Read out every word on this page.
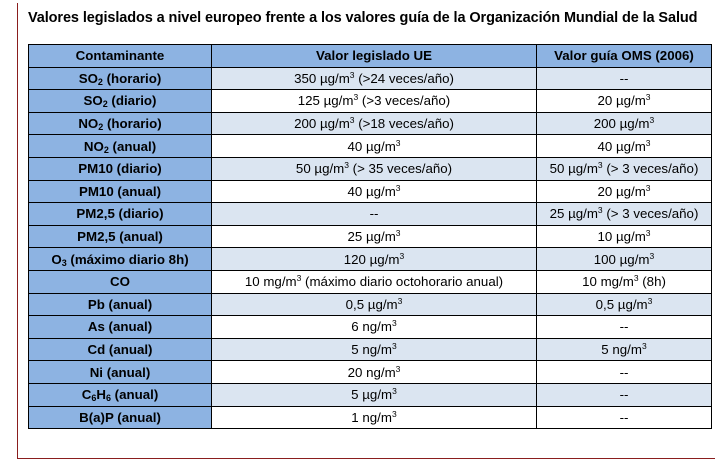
Valores legislados a nivel europeo frente a los valores guía de la Organización Mundial de la Salud
Contaminante	Valor legislado UE	Valor guía OMS (2006)
$SO_2$ (horario)	350 $\mu g/m^3$ (>24 veces/año)	--
$SO_2$ (diario)	125 $\mu g/m^3$ (>3 veces/año)	20 $\mu g/m^3$
$NO_2$ (horario)	200 $\mu g/m^3$ (>18 veces/año)	200 $\mu g/m^3$
$NO_2$ (anual)	40 $\mu g/m^3$	40 $\mu g/m^3$
PM10 (diario)	50 $\mu g/m^3$ (> 35 veces/año)	50 $\mu g/m^3$ (> 3 veces/año)
PM10 (anual)	40 $\mu g/m^3$	20 $\mu g/m^3$
PM2,5 (diario)	--	25 $\mu g/m^3$ (> 3 veces/año)
PM2,5 (anual)	25 $\mu g/m^3$	10 $\mu g/m^3$
$O_3$ (máximo diario 8h)	120 $\mu g/m^3$	100 $\mu g/m^3$
CO	10 $mg/m^3$ (máximo diario octohorario anual)	10 $mg/m^3$ (8h)
Pb (anual)	0,5 $\mu g/m^3$	0,5 $\mu g/m^3$
As (anual)	6 $ng/m^3$	--
Cd (anual)	5 $ng/m^3$	5 $ng/m^3$
Ni (anual)	20 $ng/m^3$	--
$C_6H_6$ (anual)	5 $\mu g/m^3$	--
B(a)P (anual)	1 $ng/m^3$	--
